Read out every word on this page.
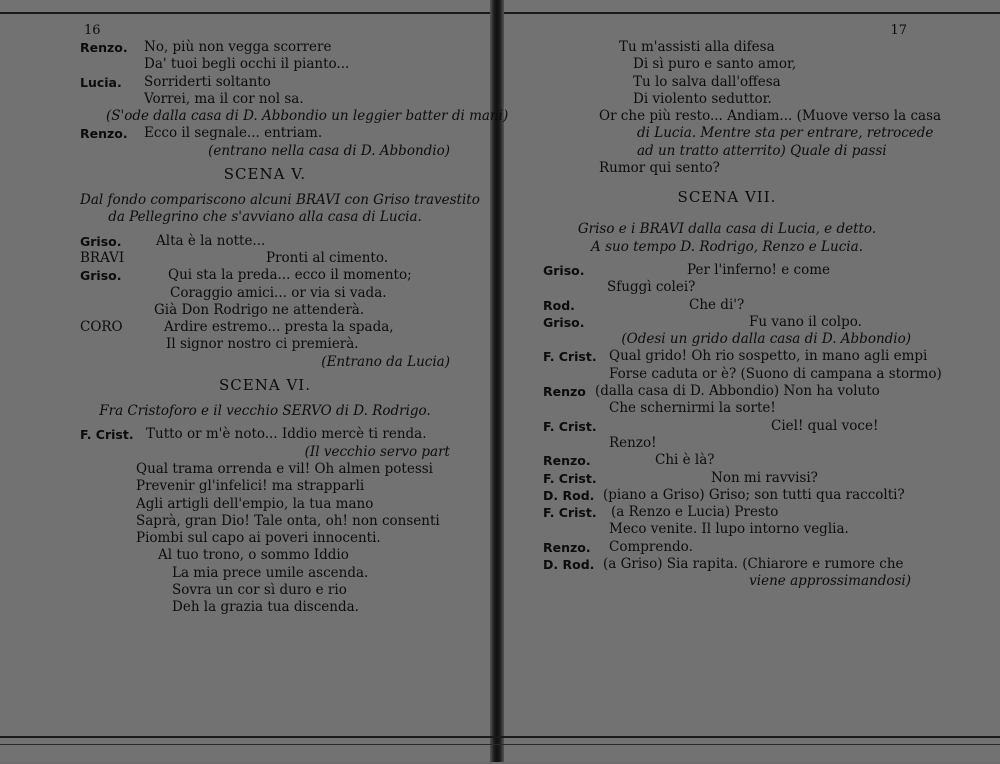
16
Renzo. No, più non vegga scorrere
Da' tuoi begli occhi il pianto...
Lucia. Sorriderti soltanto
Vorrei, ma il cor nol sa.
(S'ode dalla casa di D. Abbondio un leggier batter di mani)
Renzo. Ecco il segnale... entriam.
(entrano nella casa di D. Abbondio)
SCENA V.
Dal fondo compariscono alcuni BRAVI con Griso travestito
da Pellegrino che s'avviano alla casa di Lucia.
Griso.	Alta è la notte...
BRAVI	Pronti al cimento.
Griso.	Qui sta la preda... ecco il momento;
Coraggio amici... or via si vada.
Già Don Rodrigo ne attenderà.
CORO	Ardire estremo... presta la spada,
Il signor nostro ci premierà.
(Entrano da Lucia)
SCENA VI.
Fra Cristoforo e il vecchio SERVO di D. Rodrigo.
F. Crist. Tutto or m'è noto... Iddio mercè ti renda.
(Il vecchio servo part
Qual trama orrenda e vil! Oh almen potessi
Prevenir gl'infelici! ma strapparli
Agli artigli dell'empio, la tua mano
Saprà, gran Dio! Tale onta, oh! non consenti
Piombi sul capo ai poveri innocenti.
Al tuo trono, o sommo Iddio
La mia prece umile ascenda.
Sovra un cor sì duro e rio
Deh la grazia tua discenda.
17
Tu m'assisti alla difesa
Di sì puro e santo amor,
Tu lo salva dall'offesa
Di violento seduttor.
Or che più resto... Andiam... (Muove verso la casa
di Lucia. Mentre sta per entrare, retrocede
ad un tratto atterrito) Quale di passi
Rumor qui sento?
SCENA VII.
Griso e i BRAVI dalla casa di Lucia, e detto.
A suo tempo D. Rodrigo, Renzo e Lucia.
Griso.	Per l'inferno! e come
Sfuggì colei?
Rod.	Che di'?
Griso.	Fu vano il colpo.
(Odesi un grido dalla casa di D. Abbondio)
F. Crist. Qual grido! Oh rio sospetto, in mano agli empi
Forse caduta or è? (Suono di campana a stormo)
Renzo (dalla casa di D. Abbondio) Non ha voluto
Che schernirmi la sorte!
F. Crist.	Ciel! qual voce!
Renzo!
Renzo.	Chi è là?
F. Crist.	Non mi ravvisi?
D. Rod. (piano a Griso) Griso; son tutti qua raccolti?
F. Crist. (a Renzo e Lucia) Presto
Meco venite. Il lupo intorno veglia.
Renzo. Comprendo.
D. Rod. (a Griso) Sia rapita. (Chiarore e rumore che
viene approssimandosi)
